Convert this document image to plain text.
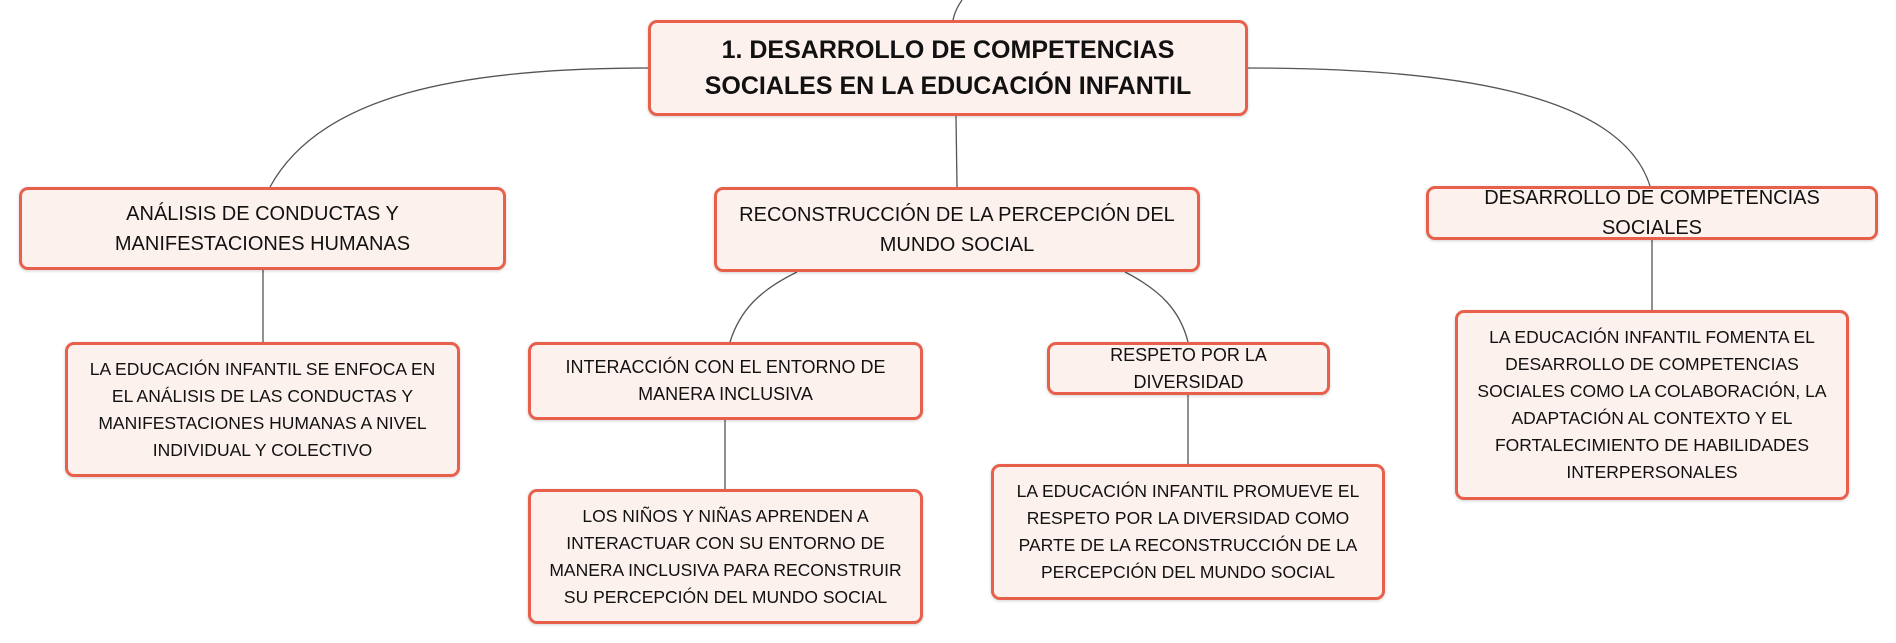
1. DESARROLLO DE COMPETENCIAS SOCIALES EN LA EDUCACIÓN INFANTIL
ANÁLISIS DE CONDUCTAS Y MANIFESTACIONES HUMANAS
RECONSTRUCCIÓN DE LA PERCEPCIÓN DEL MUNDO SOCIAL
DESARROLLO DE COMPETENCIAS SOCIALES
LA EDUCACIÓN INFANTIL SE ENFOCA EN EL ANÁLISIS DE LAS CONDUCTAS Y MANIFESTACIONES HUMANAS A NIVEL INDIVIDUAL Y COLECTIVO
INTERACCIÓN CON EL ENTORNO DE MANERA INCLUSIVA
RESPETO POR LA DIVERSIDAD
LA EDUCACIÓN INFANTIL FOMENTA EL DESARROLLO DE COMPETENCIAS SOCIALES COMO LA COLABORACIÓN, LA ADAPTACIÓN AL CONTEXTO Y EL FORTALECIMIENTO DE HABILIDADES INTERPERSONALES
LOS NIÑOS Y NIÑAS APRENDEN A INTERACTUAR CON SU ENTORNO DE MANERA INCLUSIVA PARA RECONSTRUIR SU PERCEPCIÓN DEL MUNDO SOCIAL
LA EDUCACIÓN INFANTIL PROMUEVE EL RESPETO POR LA DIVERSIDAD COMO PARTE DE LA RECONSTRUCCIÓN DE LA PERCEPCIÓN DEL MUNDO SOCIAL
